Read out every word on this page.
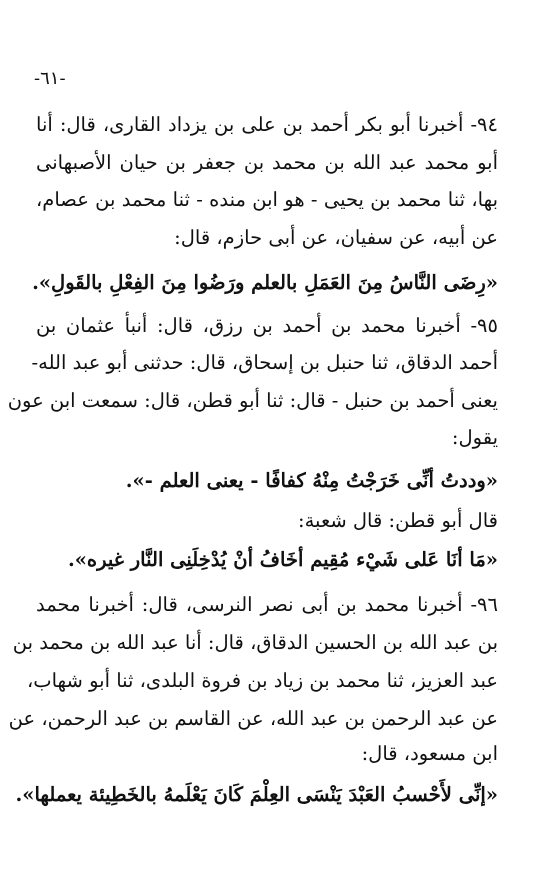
-٦١-
٩٤- أخبرنا أبو بكر أحمد بن على بن يزداد القارى، قال: أنا
أبو محمد عبد الله بن محمد بن جعفر بن حيان الأصبهانى
بها، ثنا محمد بن يحيى - هو ابن منده - ثنا محمد بن عصام،
عن أبيه، عن سفيان، عن أبى حازم، قال:
«رِضَى النَّاسُ مِنَ العَمَلِ بالعلم ورَضُوا مِنَ الفِعْلِ بالقَولِ».
٩٥- أخبرنا محمد بن أحمد بن رزق، قال: أنبأ عثمان بن
أحمد الدقاق، ثنا حنبل بن إسحاق، قال: حدثنى أبو عبد الله-
يعنى أحمد بن حنبل - قال: ثنا أبو قطن، قال: سمعت ابن عون
يقول:
«وددتُ أنِّى خَرَجْتُ مِنْهُ كفافًا - يعنى العلم -».
قال أبو قطن: قال شعبة:
«مَا أنَا عَلى شَيْء مُقِيم أخَافُ أنْ يُدْخِلَنِى النَّار غيره».
٩٦- أخبرنا محمد بن أبى نصر النرسى، قال: أخبرنا محمد
بن عبد الله بن الحسين الدقاق، قال: أنا عبد الله بن محمد بن
عبد العزيز، ثنا محمد بن زياد بن فروة البلدى، ثنا أبو شهاب،
عن عبد الرحمن بن عبد الله، عن القاسم بن عبد الرحمن، عن
ابن مسعود، قال:
«إنِّى لأَحْسبُ العَبْدَ يَنْسَى العِلْمَ كَانَ يَعْلَمهُ بالخَطِيئة يعملها».
